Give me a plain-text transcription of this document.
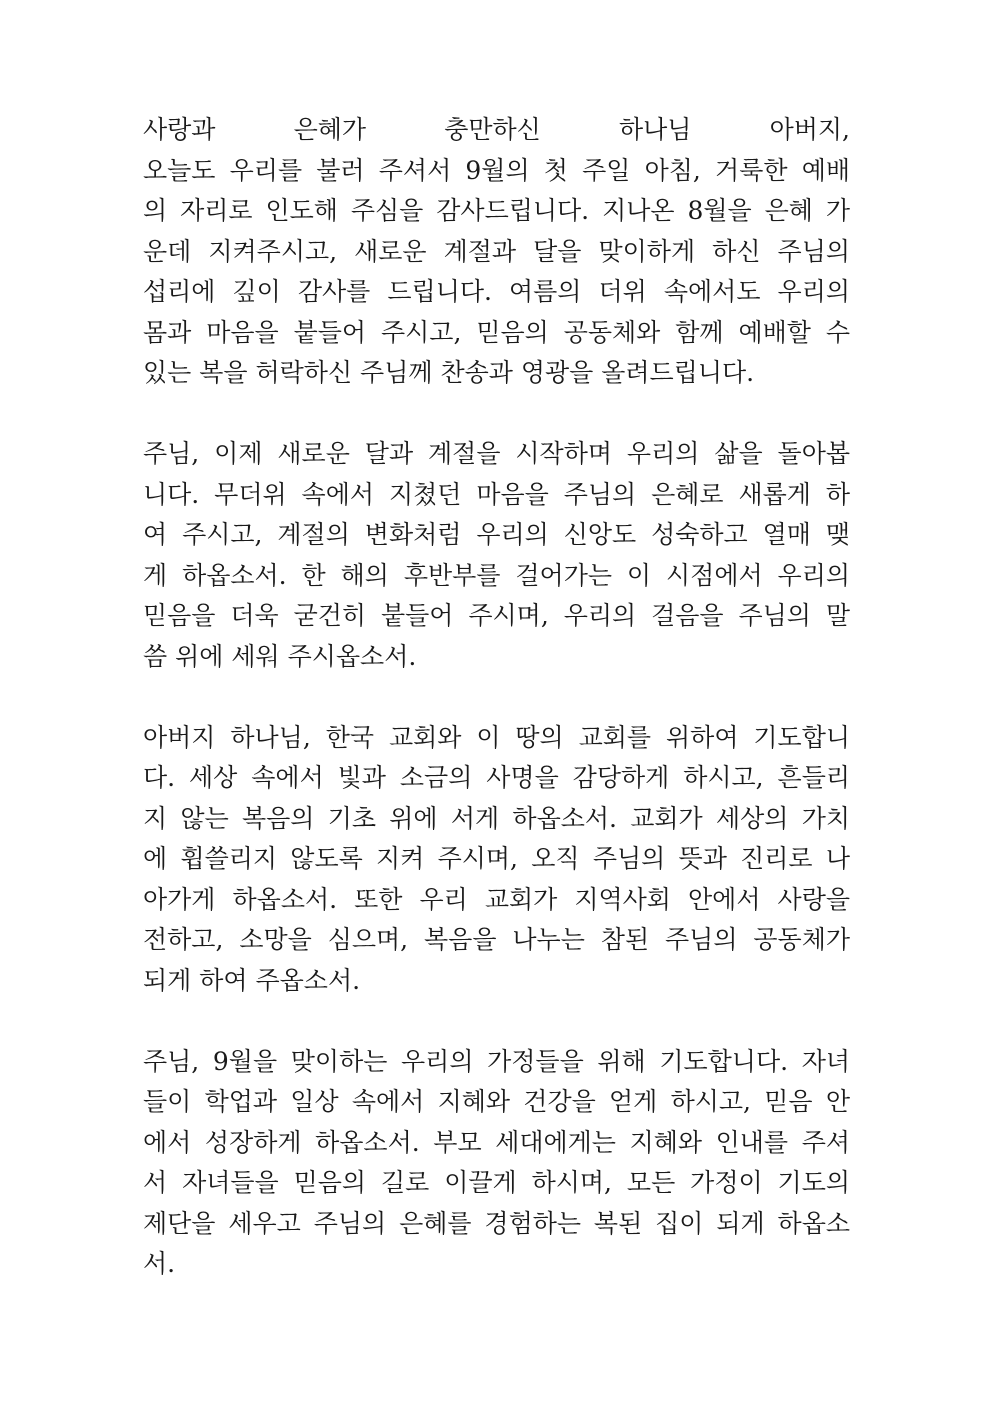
사랑과 은혜가 충만하신 하나님 아버지,
오늘도 우리를 불러 주셔서 9월의 첫 주일 아침, 거룩한 예배
의 자리로 인도해 주심을 감사드립니다. 지나온 8월을 은혜 가
운데 지켜주시고, 새로운 계절과 달을 맞이하게 하신 주님의
섭리에 깊이 감사를 드립니다. 여름의 더위 속에서도 우리의
몸과 마음을 붙들어 주시고, 믿음의 공동체와 함께 예배할 수
있는 복을 허락하신 주님께 찬송과 영광을 올려드립니다.

주님, 이제 새로운 달과 계절을 시작하며 우리의 삶을 돌아봅
니다. 무더위 속에서 지쳤던 마음을 주님의 은혜로 새롭게 하
여 주시고, 계절의 변화처럼 우리의 신앙도 성숙하고 열매 맺
게 하옵소서. 한 해의 후반부를 걸어가는 이 시점에서 우리의
믿음을 더욱 굳건히 붙들어 주시며, 우리의 걸음을 주님의 말
씀 위에 세워 주시옵소서.

아버지 하나님, 한국 교회와 이 땅의 교회를 위하여 기도합니
다. 세상 속에서 빛과 소금의 사명을 감당하게 하시고, 흔들리
지 않는 복음의 기초 위에 서게 하옵소서. 교회가 세상의 가치
에 휩쓸리지 않도록 지켜 주시며, 오직 주님의 뜻과 진리로 나
아가게 하옵소서. 또한 우리 교회가 지역사회 안에서 사랑을
전하고, 소망을 심으며, 복음을 나누는 참된 주님의 공동체가
되게 하여 주옵소서.

주님, 9월을 맞이하는 우리의 가정들을 위해 기도합니다. 자녀
들이 학업과 일상 속에서 지혜와 건강을 얻게 하시고, 믿음 안
에서 성장하게 하옵소서. 부모 세대에게는 지혜와 인내를 주셔
서 자녀들을 믿음의 길로 이끌게 하시며, 모든 가정이 기도의
제단을 세우고 주님의 은혜를 경험하는 복된 집이 되게 하옵소
서.
